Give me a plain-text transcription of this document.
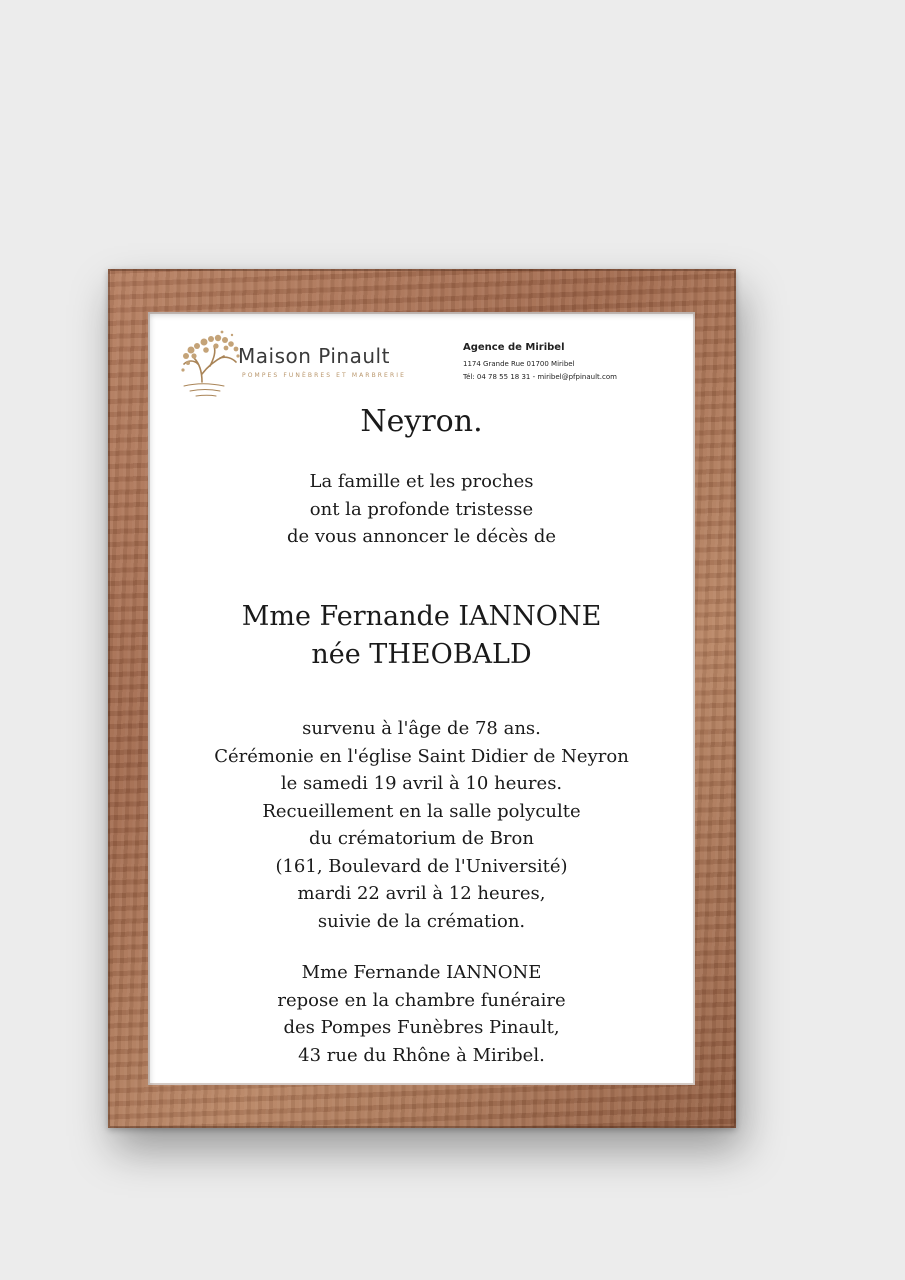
Maison Pinault
POMPES FUNÈBRES ET MARBRERIE
Agence de Miribel
1174 Grande Rue 01700 Miribel
Tél: 04 78 55 18 31 - miribel@pfpinault.com
Neyron.
La famille et les proches
ont la profonde tristesse
de vous annoncer le décès de
Mme Fernande IANNONE
née THEOBALD
survenu à l'âge de 78 ans.
Cérémonie en l'église Saint Didier de Neyron
le samedi 19 avril à 10 heures.
Recueillement en la salle polyculte
du crématorium de Bron
(161, Boulevard de l'Université)
mardi 22 avril à 12 heures,
suivie de la crémation.
Mme Fernande IANNONE
repose en la chambre funéraire
des Pompes Funèbres Pinault,
43 rue du Rhône à Miribel.
